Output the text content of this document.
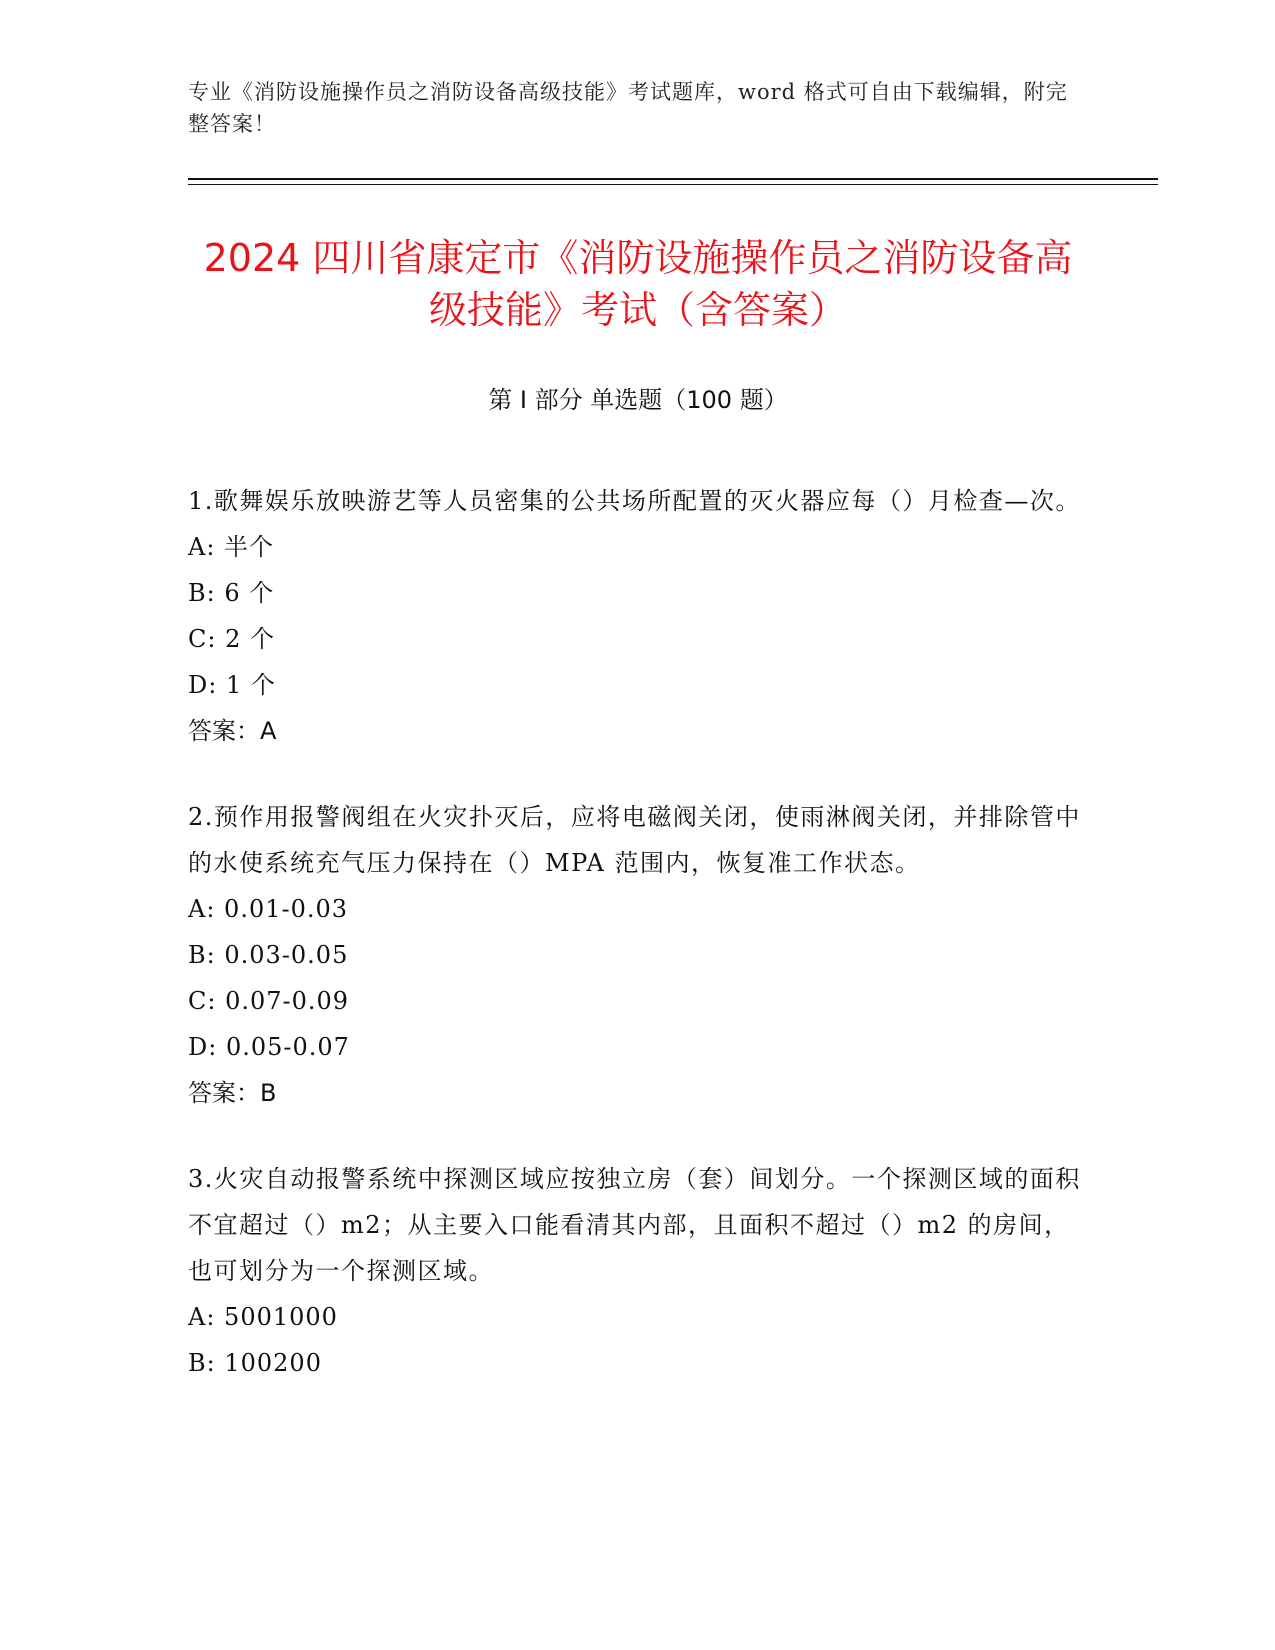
专业《消防设施操作员之消防设备高级技能》考试题库，word 格式可自由下载编辑，附完整答案！
2024 四川省康定市《消防设施操作员之消防设备高级技能》考试（含答案）
第 I 部分 单选题（100 题）

1.歌舞娱乐放映游艺等人员密集的公共场所配置的灭火器应每（）月检查—次。

A: 半个

B: 6 个

C: 2 个

D: 1 个

答案：A

2.预作用报警阀组在火灾扑灭后，应将电磁阀关闭，使雨淋阀关闭，并排除管中的水使系统充气压力保持在（）MPA 范围内，恢复准工作状态。

A: 0.01-0.03

B: 0.03-0.05

C: 0.07-0.09

D: 0.05-0.07

答案：B

3.火灾自动报警系统中探测区域应按独立房（套）间划分。一个探测区域的面积不宜超过（）m2；从主要入口能看清其内部，且面积不超过（）m2 的房间，也可划分为一个探测区域。

A: 5001000

B: 100200
